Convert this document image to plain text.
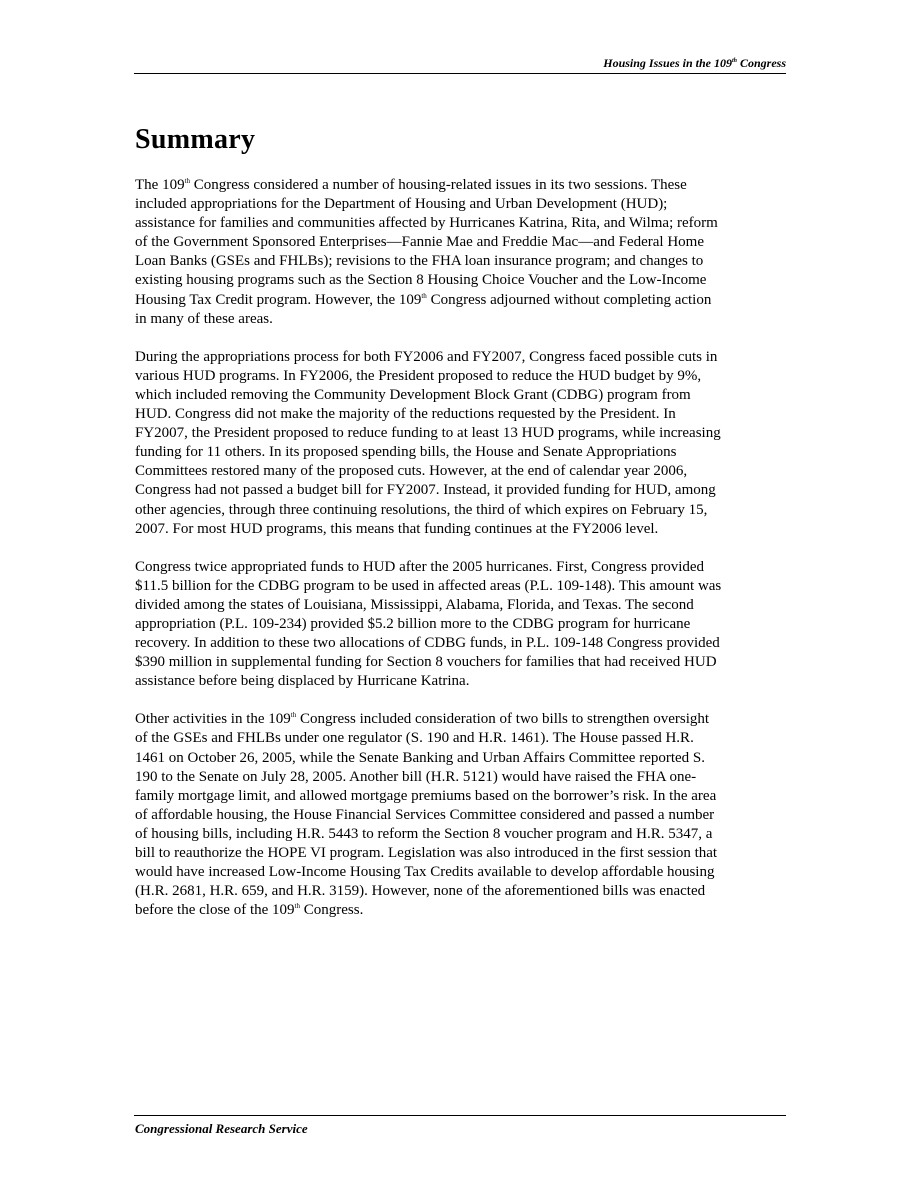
Housing Issues in the 109th Congress
Summary

The 109th Congress considered a number of housing-related issues in its two sessions. These
included appropriations for the Department of Housing and Urban Development (HUD);
assistance for families and communities affected by Hurricanes Katrina, Rita, and Wilma; reform
of the Government Sponsored Enterprises—Fannie Mae and Freddie Mac—and Federal Home
Loan Banks (GSEs and FHLBs); revisions to the FHA loan insurance program; and changes to
existing housing programs such as the Section 8 Housing Choice Voucher and the Low-Income
Housing Tax Credit program. However, the 109th Congress adjourned without completing action
in many of these areas.

During the appropriations process for both FY2006 and FY2007, Congress faced possible cuts in
various HUD programs. In FY2006, the President proposed to reduce the HUD budget by 9%,
which included removing the Community Development Block Grant (CDBG) program from
HUD. Congress did not make the majority of the reductions requested by the President. In
FY2007, the President proposed to reduce funding to at least 13 HUD programs, while increasing
funding for 11 others. In its proposed spending bills, the House and Senate Appropriations
Committees restored many of the proposed cuts. However, at the end of calendar year 2006,
Congress had not passed a budget bill for FY2007. Instead, it provided funding for HUD, among
other agencies, through three continuing resolutions, the third of which expires on February 15,
2007. For most HUD programs, this means that funding continues at the FY2006 level.

Congress twice appropriated funds to HUD after the 2005 hurricanes. First, Congress provided
$11.5 billion for the CDBG program to be used in affected areas (P.L. 109-148). This amount was
divided among the states of Louisiana, Mississippi, Alabama, Florida, and Texas. The second
appropriation (P.L. 109-234) provided $5.2 billion more to the CDBG program for hurricane
recovery. In addition to these two allocations of CDBG funds, in P.L. 109-148 Congress provided
$390 million in supplemental funding for Section 8 vouchers for families that had received HUD
assistance before being displaced by Hurricane Katrina.

Other activities in the 109th Congress included consideration of two bills to strengthen oversight
of the GSEs and FHLBs under one regulator (S. 190 and H.R. 1461). The House passed H.R.
1461 on October 26, 2005, while the Senate Banking and Urban Affairs Committee reported S.
190 to the Senate on July 28, 2005. Another bill (H.R. 5121) would have raised the FHA one-
family mortgage limit, and allowed mortgage premiums based on the borrower’s risk. In the area
of affordable housing, the House Financial Services Committee considered and passed a number
of housing bills, including H.R. 5443 to reform the Section 8 voucher program and H.R. 5347, a
bill to reauthorize the HOPE VI program. Legislation was also introduced in the first session that
would have increased Low-Income Housing Tax Credits available to develop affordable housing
(H.R. 2681, H.R. 659, and H.R. 3159). However, none of the aforementioned bills was enacted
before the close of the 109th Congress.

Congressional Research Service
